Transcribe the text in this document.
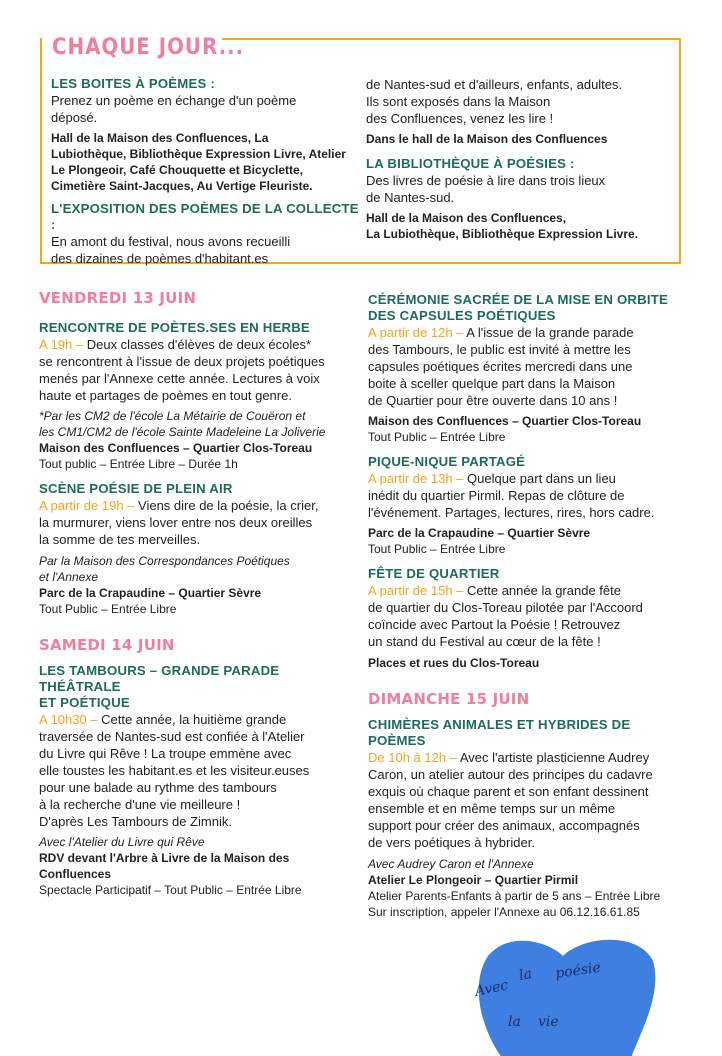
CHAQUE JOUR...

LES BOITES À POÈMES :

Prenez un poème en échange d'un poème

déposé.

Hall de la Maison des Confluences, La

Lubiothèque, Bibliothèque Expression Livre, Atelier

Le Plongeoir, Café Chouquette et Bicyclette,

Cimetière Saint-Jacques, Au Vertige Fleuriste.

L'EXPOSITION DES POÈMES DE LA COLLECTE :

En amont du festival, nous avons recueilli

des dizaines de poèmes d'habitant.es

de Nantes-sud et d'ailleurs, enfants, adultes.

Ils sont exposés dans la Maison

des Confluences, venez les lire !

Dans le hall de la Maison des Confluences

LA BIBLIOTHÈQUE À POÉSIES :

Des livres de poésie à lire dans trois lieux

de Nantes-sud.

Hall de la Maison des Confluences,

La Lubiothèque, Bibliothèque Expression Livre.

VENDREDI 13 JUIN

RENCONTRE DE POÈTES.SES EN HERBE

A 19h – Deux classes d'élèves de deux écoles*

se rencontrent à l'issue de deux projets poétiques

menés par l'Annexe cette année. Lectures à voix

haute et partages de poèmes en tout genre.

*Par les CM2 de l'école La Métairie de Couëron et

les CM1/CM2 de l'école Sainte Madeleine La Joliverie

Maison des Confluences – Quartier Clos-Toreau

Tout public – Entrée Libre – Durée 1h

SCÈNE POÉSIE DE PLEIN AIR

A partir de 19h – Viens dire de la poésie, la crier,

la murmurer, viens lover entre nos deux oreilles

la somme de tes merveilles.

Par la Maison des Correspondances Poétiques

et l'Annexe

Parc de la Crapaudine – Quartier Sèvre

Tout Public – Entrée Libre

SAMEDI 14 JUIN

LES TAMBOURS – GRANDE PARADE THÉÂTRALE

ET POÉTIQUE

A 10h30 – Cette année, la huitième grande

traversée de Nantes-sud est confiée à l'Atelier

du Livre qui Rêve ! La troupe emmène avec

elle toustes les habitant.es et les visiteur.euses

pour une balade au rythme des tambours

à la recherche d'une vie meilleure !

D'après Les Tambours de Zimnik.

Avec l'Atelier du Livre qui Rêve

RDV devant l'Arbre à Livre de la Maison des

Confluences

Spectacle Participatif – Tout Public – Entrée Libre

CÉRÉMONIE SACRÉE DE LA MISE EN ORBITE

DES CAPSULES POÉTIQUES

A partir de 12h – A l'issue de la grande parade

des Tambours, le public est invité à mettre les

capsules poétiques écrites mercredi dans une

boite à sceller quelque part dans la Maison

de Quartier pour être ouverte dans 10 ans !

Maison des Confluences – Quartier Clos-Toreau

Tout Public – Entrée Libre

PIQUE-NIQUE PARTAGÉ

A partir de 13h – Quelque part dans un lieu

inédit du quartier Pirmil. Repas de clôture de

l'événement. Partages, lectures, rires, hors cadre.

Parc de la Crapaudine – Quartier Sèvre

Tout Public – Entrée Libre

FÊTE DE QUARTIER

A partir de 15h – Cette année la grande fête

de quartier du Clos-Toreau pilotée par l'Accoord

coïncide avec Partout la Poésie ! Retrouvez

un stand du Festival au cœur de la fête !

Places et rues du Clos-Toreau

DIMANCHE 15 JUIN

CHIMÈRES ANIMALES ET HYBRIDES DE POÈMES

De 10h à 12h – Avec l'artiste plasticienne Audrey

Caron, un atelier autour des principes du cadavre

exquis où chaque parent et son enfant dessinent

ensemble et en même temps sur un même

support pour créer des animaux, accompagnés

de vers poétiques à hybrider.

Avec Audrey Caron et l'Annexe

Atelier Le Plongeoir – Quartier Pirmil

Atelier Parents-Enfants à partir de 5 ans – Entrée Libre

Sur inscription, appeler l'Annexe au 06.12.16.61.85

Avec
la poésie
la vie
